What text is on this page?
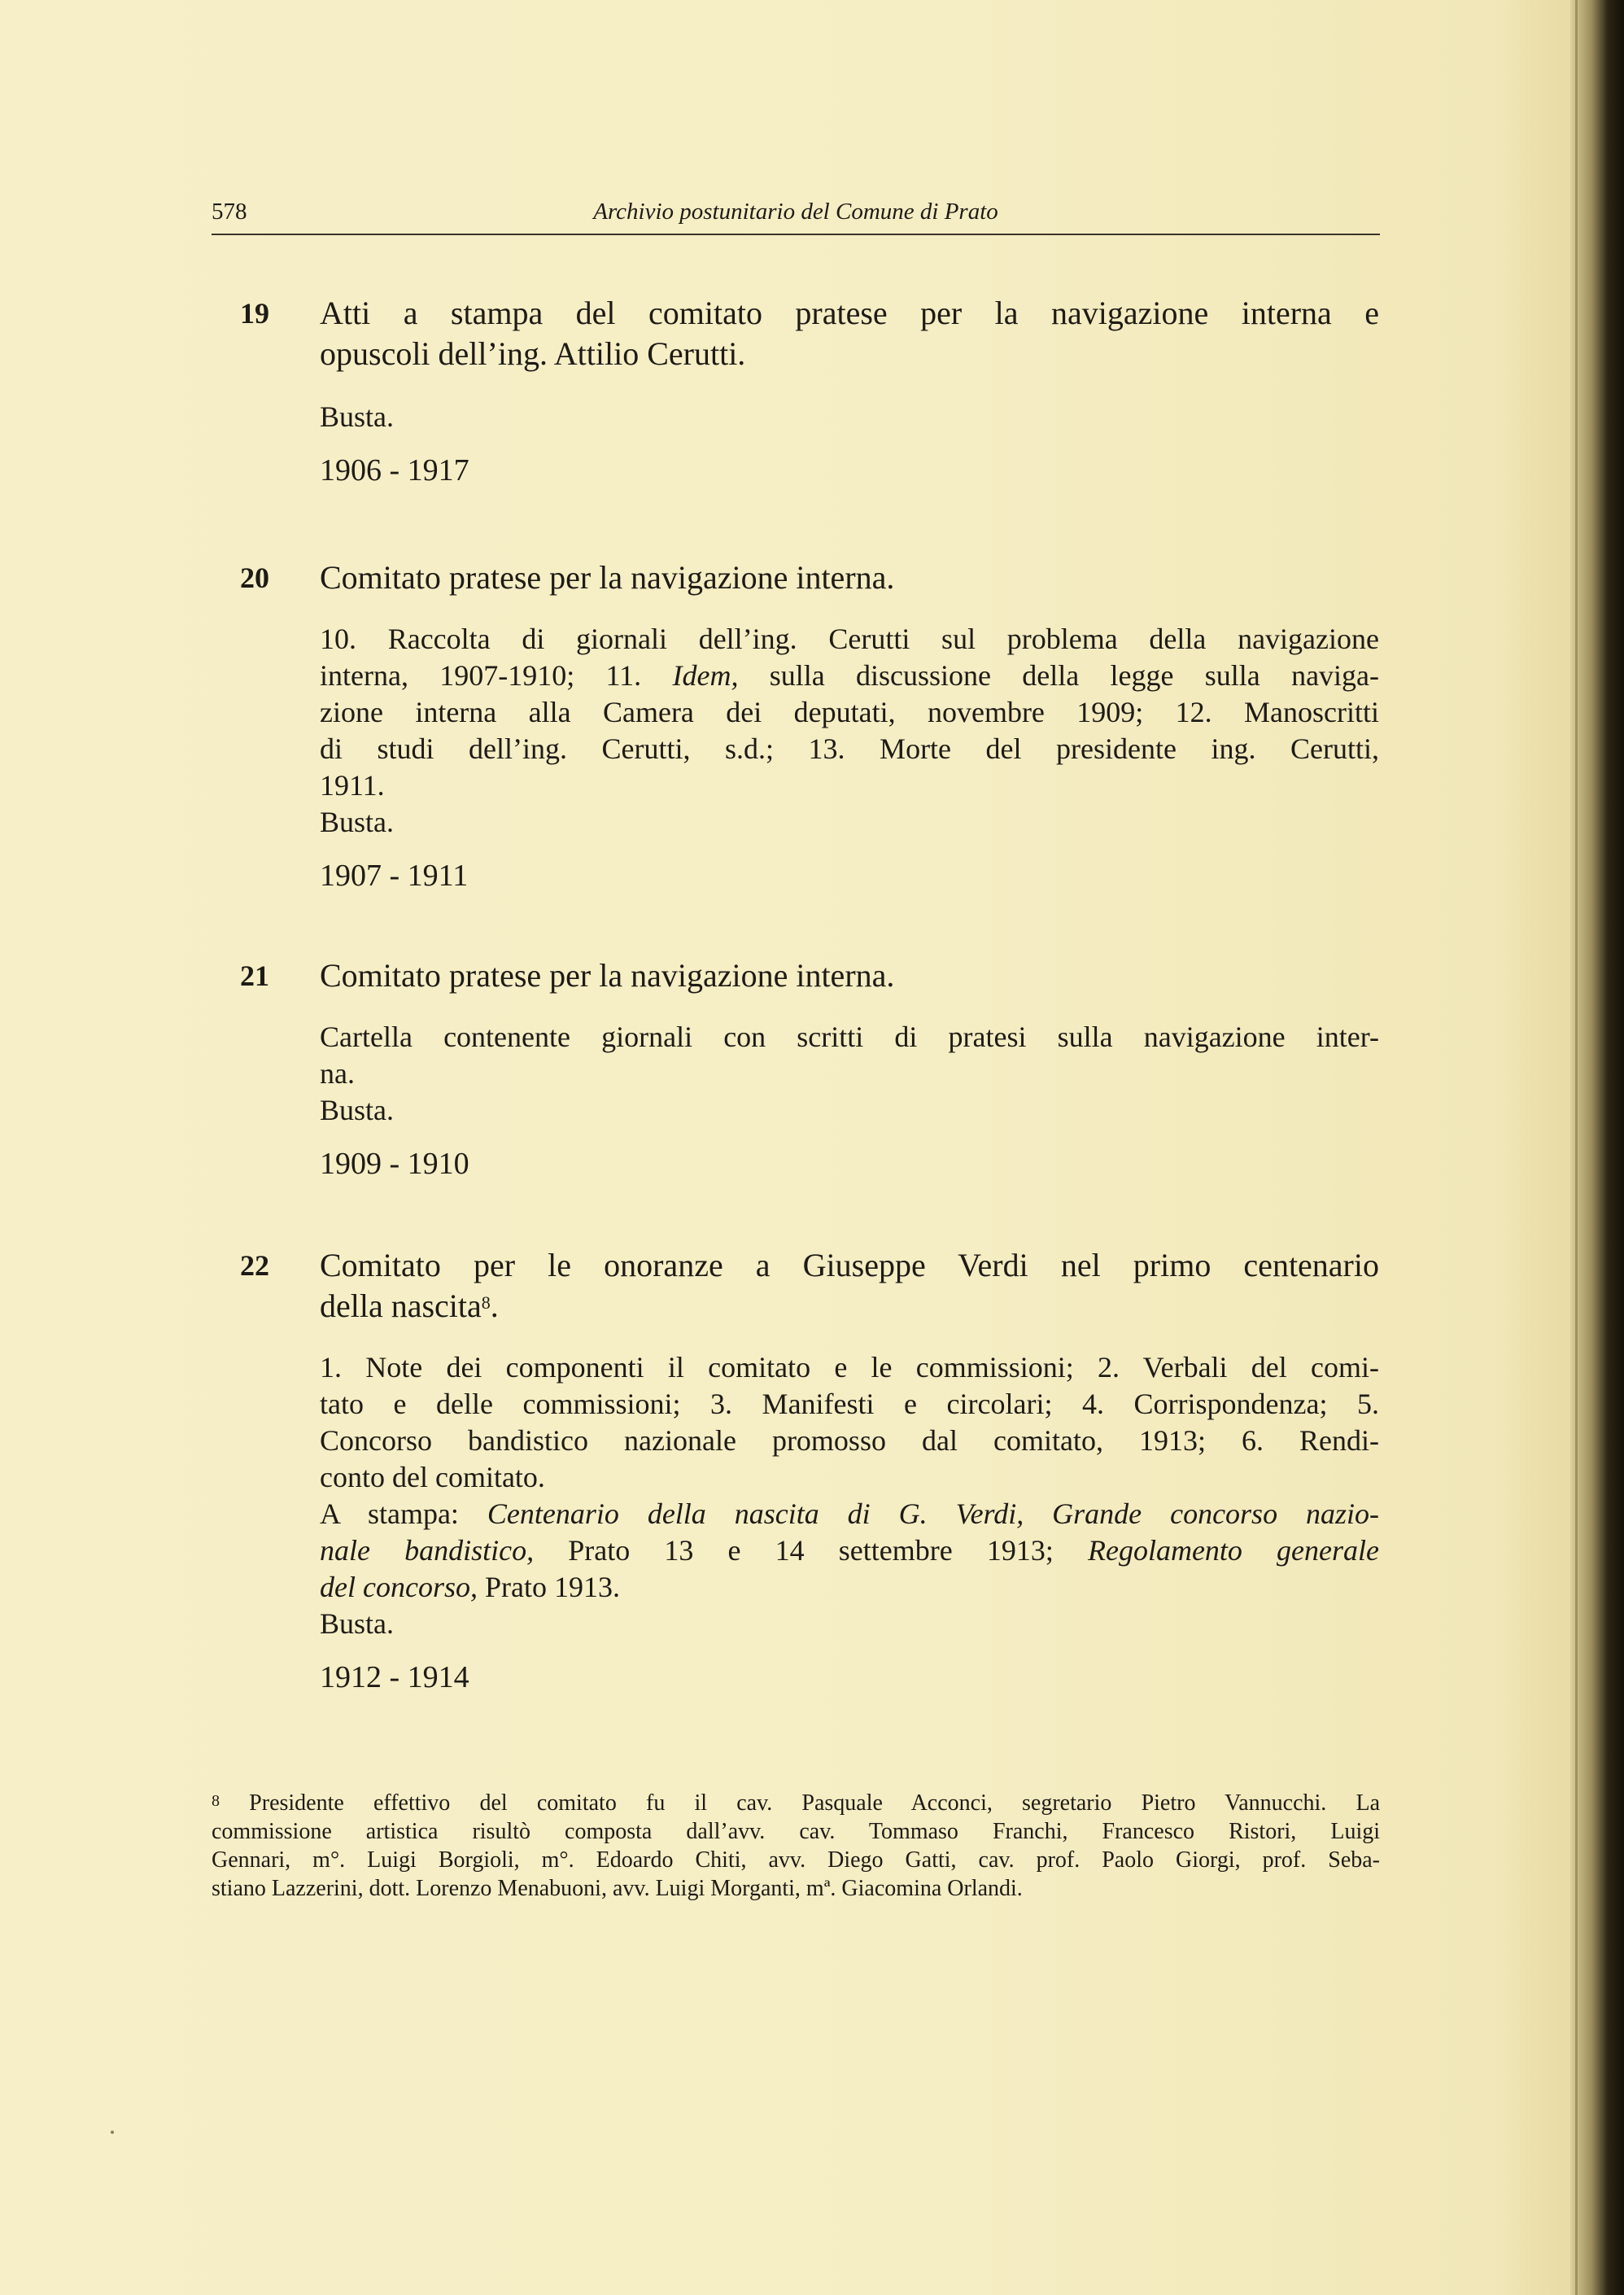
578	Archivio postunitario del Comune di Prato
19 Atti a stampa del comitato pratese per la navigazione interna e
opuscoli dell’ing. Attilio Cerutti.

Busta.

1906 - 1917

20 Comitato pratese per la navigazione interna.

10. Raccolta di giornali dell’ing. Cerutti sul problema della navigazione
interna, 1907-1910; 11. Idem, sulla discussione della legge sulla naviga-
zione interna alla Camera dei deputati, novembre 1909; 12. Manoscritti
di studi dell’ing. Cerutti, s.d.; 13. Morte del presidente ing. Cerutti,
1911.

Busta.

1907 - 1911

21 Comitato pratese per la navigazione interna.

Cartella contenente giornali con scritti di pratesi sulla navigazione inter-
na.

Busta.

1909 - 1910

22 Comitato per le onoranze a Giuseppe Verdi nel primo centenario
della nascita$^8$.

1. Note dei componenti il comitato e le commissioni; 2. Verbali del comi-
tato e delle commissioni; 3. Manifesti e circolari; 4. Corrispondenza; 5.
Concorso bandistico nazionale promosso dal comitato, 1913; 6. Rendi-
conto del comitato.
A stampa: Centenario della nascita di G. Verdi, Grande concorso nazio-
nale bandistico, Prato 13 e 14 settembre 1913; Regolamento generale
del concorso, Prato 1913.

Busta.

1912 - 1914

$^8$ Presidente effettivo del comitato fu il cav. Pasquale Acconci, segretario Pietro Vannucchi. La
commissione artistica risultò composta dall’avv. cav. Tommaso Franchi, Francesco Ristori, Luigi
Gennari, m°. Luigi Borgioli, m°. Edoardo Chiti, avv. Diego Gatti, cav. prof. Paolo Giorgi, prof. Seba-
stiano Lazzerini, dott. Lorenzo Menabuoni, avv. Luigi Morganti, mª. Giacomina Orlandi.
